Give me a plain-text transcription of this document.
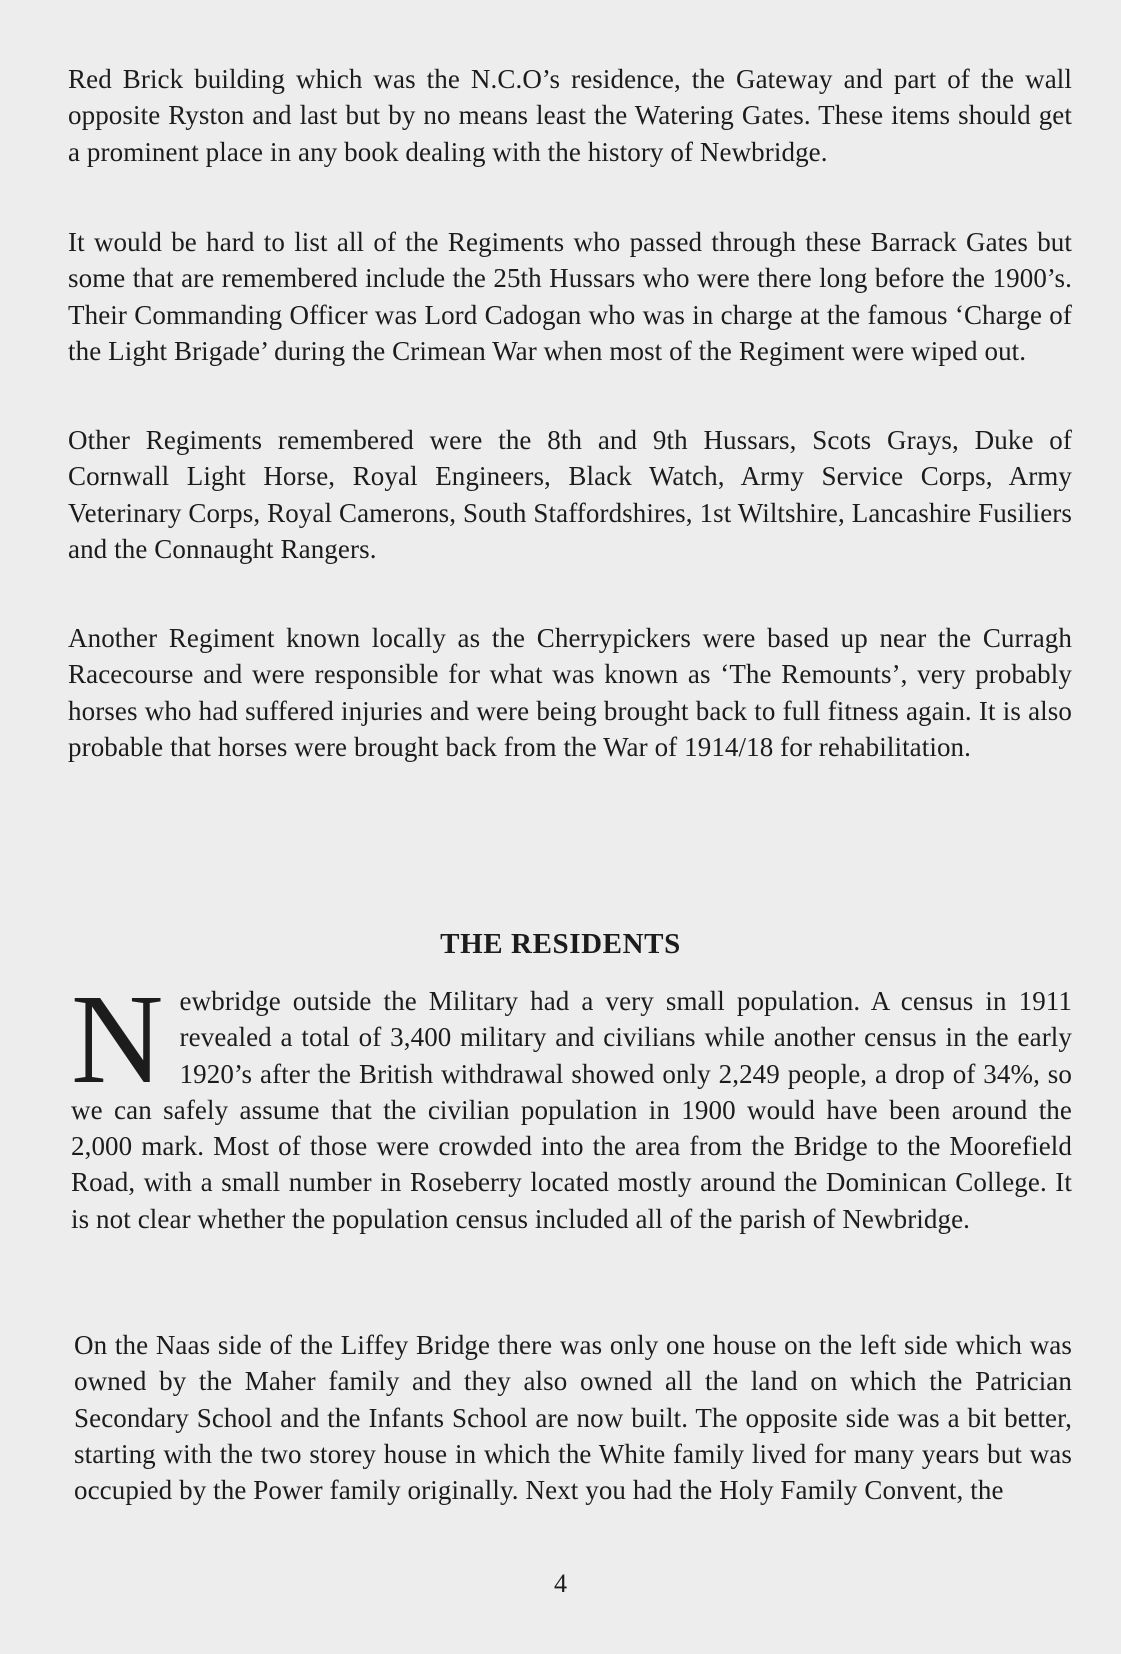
Red Brick building which was the N.C.O’s residence, the Gateway and part of the wall opposite Ryston and last but by no means least the Watering Gates. These items should get a prominent place in any book dealing with the history of Newbridge.

It would be hard to list all of the Regiments who passed through these Barrack Gates but some that are remembered include the 25th Hussars who were there long before the 1900’s. Their Commanding Officer was Lord Cadogan who was in charge at the famous ‘Charge of the Light Brigade’ during the Crimean War when most of the Regiment were wiped out.

Other Regiments remembered were the 8th and 9th Hussars, Scots Grays, Duke of Cornwall Light Horse, Royal Engineers, Black Watch, Army Service Corps, Army Veterinary Corps, Royal Camerons, South Staffordshires, 1st Wiltshire, Lancashire Fusiliers and the Connaught Rangers.

Another Regiment known locally as the Cherrypickers were based up near the Curragh Racecourse and were responsible for what was known as ‘The Remounts’, very probably horses who had suffered injuries and were being brought back to full fitness again. It is also probable that horses were brought back from the War of 1914/18 for rehabilitation.

THE RESIDENTS

Newbridge outside the Military had a very small population. A census in 1911 revealed a total of 3,400 military and civilians while another census in the early 1920’s after the British withdrawal showed only 2,249 people, a drop of 34%, so we can safely assume that the civilian population in 1900 would have been around the 2,000 mark. Most of those were crowded into the area from the Bridge to the Moorefield Road, with a small number in Roseberry located mostly around the Dominican College. It is not clear whether the population census included all of the parish of Newbridge.

On the Naas side of the Liffey Bridge there was only one house on the left side which was owned by the Maher family and they also owned all the land on which the Patrician Secondary School and the Infants School are now built. The opposite side was a bit better, starting with the two storey house in which the White family lived for many years but was occupied by the Power family originally. Next you had the Holy Family Convent, the

4
